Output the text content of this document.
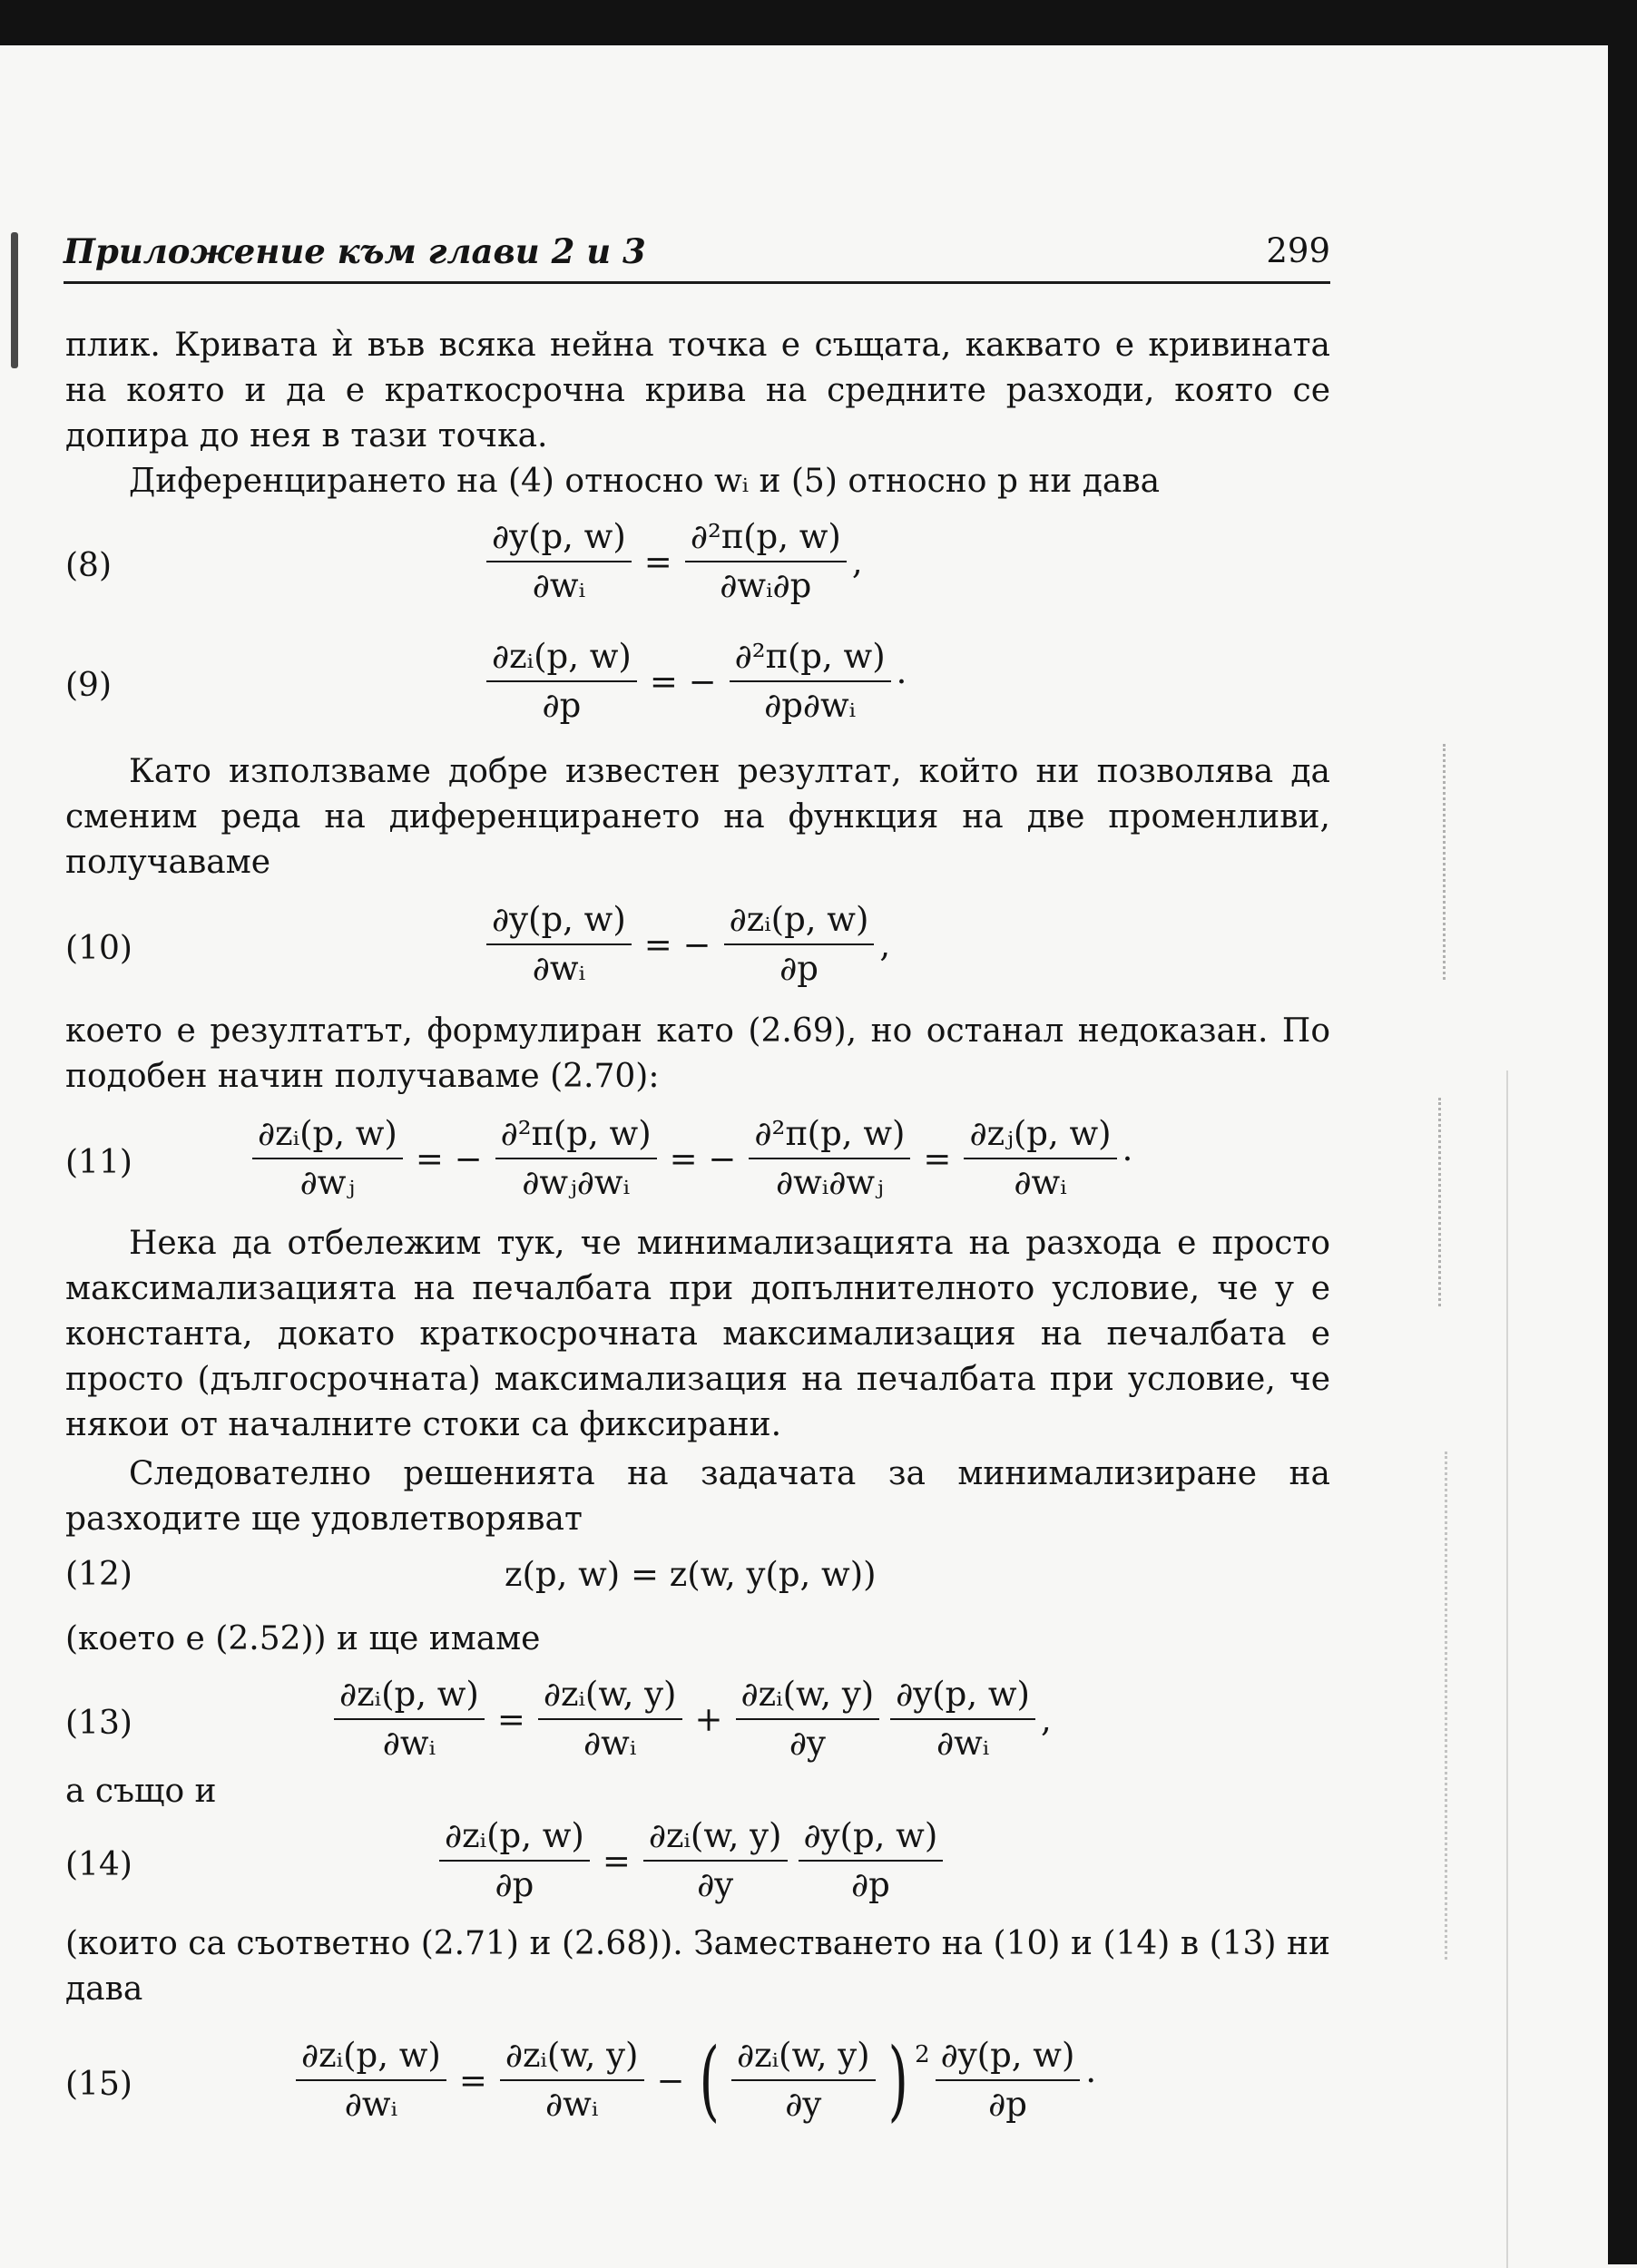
Приложение към глави 2 и 3	299

плик. Кривата ѝ във всяка нейна точка е същата, каквато е кривината на която и да е краткосрочна крива на средните разходи, която се допира до нея в тази точка.

Диференцирането на (4) относно wᵢ и (5) относно p ни дава

(8)	$\frac{\partial y(p, w)}{\text{∂wᵢ}} = \frac{\text{∂²π(p, w)}}{\text{∂wᵢ∂p}}$ ,
(9)	$\frac{\text{∂zᵢ(p, w)}}{\partial p}$ = − $\frac{\text{∂²π(p, w)}}{\text{∂p∂wᵢ}}$ ·

Като използваме добре известен резултат, който ни позволява да сменим реда на диференцирането на функция на две променливи, получаваме

(10)	$\frac{\partial y(p, w)}{\text{∂wᵢ}}$ = − $\frac{\text{∂zᵢ(p, w)}}{\partial p}$ ,

което е резултатът, формулиран като (2.69), но останал недоказан. По подобен начин получаваме (2.70):

(11)	$\frac{\text{∂zᵢ(p, w)}}{\text{∂wⱼ}}$ = − $\frac{\text{∂²π(p, w)}}{\text{∂wⱼ∂wᵢ}}$ = − $\frac{\text{∂²π(p, w)}}{\text{∂wᵢ∂wⱼ}} = \frac{\text{∂zⱼ(p, w)}}{\text{∂wᵢ}}$ ·

Нека да отбележим тук, че минимализацията на разхода е просто максимализацията на печалбата при допълнителното условие, че y е константа, докато краткосрочната максимализация на печалбата е просто (дългосрочната) максимализация на печалбата при условие, че някои от началните стоки са фиксирани.

Следователно решенията на задачата за минимализиране на разходите ще удовлетворяват

(12)	z(p, w) = z(w, y(p, w))

(което е (2.52)) и ще имаме

(13)	$\frac{\text{∂zᵢ(p, w)}}{\text{∂wᵢ}} = \frac{\text{∂zᵢ(w, y)}}{\text{∂wᵢ}} + \frac{\text{∂zᵢ(w, y)}}{\partial y} \frac{\partial y(p, w)}{\text{∂wᵢ}}$ ,

а също и

(14)	$\frac{\text{∂zᵢ(p, w)}}{\partial p} = \frac{\text{∂zᵢ(w, y)}}{\partial y} \frac{\partial y(p, w)}{\partial p}$

(които са съответно (2.71) и (2.68)). Заместването на (10) и (14) в (13) ни дава

(15)	$\frac{\text{∂zᵢ(p, w)}}{\text{∂wᵢ}} = \frac{\text{∂zᵢ(w, y)}}{\text{∂wᵢ}}$ − ( $\frac{\text{∂zᵢ(w, y)}}{\partial y}$ ) $2 \frac{\partial y(p, w)}{\partial p}$ ·
